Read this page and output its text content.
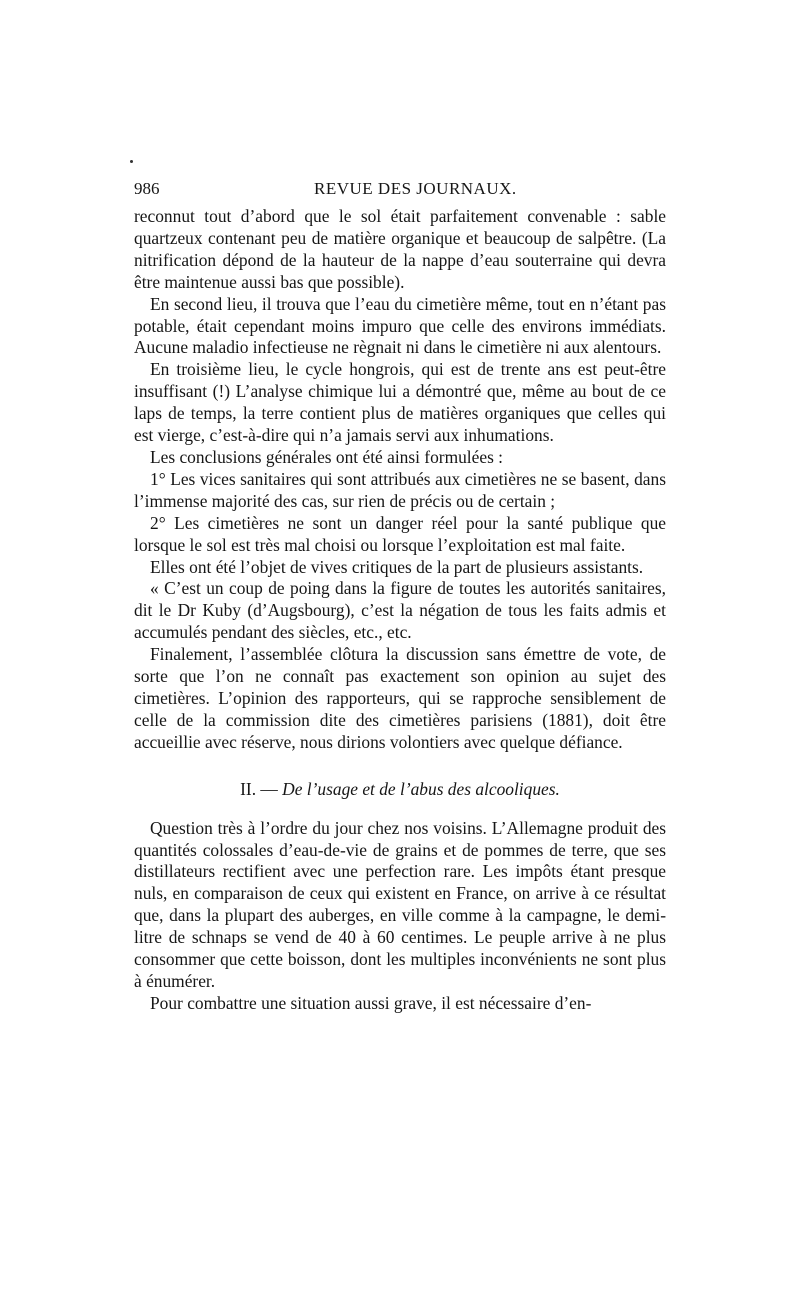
986	REVUE DES JOURNAUX.

reconnut tout d’abord que le sol était parfaitement convenable : sable quartzeux contenant peu de matière organique et beaucoup de salpêtre. (La nitrification dépond de la hauteur de la nappe d’eau souterraine qui devra être maintenue aussi bas que possible).

En second lieu, il trouva que l’eau du cimetière même, tout en n’étant pas potable, était cependant moins impuro que celle des environs immédiats. Aucune maladio infectieuse ne règnait ni dans le cimetière ni aux alentours.

En troisième lieu, le cycle hongrois, qui est de trente ans est peut-être insuffisant (!) L’analyse chimique lui a démontré que, même au bout de ce laps de temps, la terre contient plus de matières organiques que celles qui est vierge, c’est-à-dire qui n’a jamais servi aux inhumations.

Les conclusions générales ont été ainsi formulées :

1° Les vices sanitaires qui sont attribués aux cimetières ne se basent, dans l’immense majorité des cas, sur rien de précis ou de certain ;

2° Les cimetières ne sont un danger réel pour la santé publique que lorsque le sol est très mal choisi ou lorsque l’exploitation est mal faite.

Elles ont été l’objet de vives critiques de la part de plusieurs assistants.

« C’est un coup de poing dans la figure de toutes les autorités sanitaires, dit le Dr Kuby (d’Augsbourg), c’est la négation de tous les faits admis et accumulés pendant des siècles, etc., etc.

Finalement, l’assemblée clôtura la discussion sans émettre de vote, de sorte que l’on ne connaît pas exactement son opinion au sujet des cimetières. L’opinion des rapporteurs, qui se rapproche sensiblement de celle de la commission dite des cimetières parisiens (1881), doit être accueillie avec réserve, nous dirions volontiers avec quelque défiance.

II. — De l’usage et de l’abus des alcooliques.

Question très à l’ordre du jour chez nos voisins. L’Allemagne produit des quantités colossales d’eau-de-vie de grains et de pommes de terre, que ses distillateurs rectifient avec une perfection rare. Les impôts étant presque nuls, en comparaison de ceux qui existent en France, on arrive à ce résultat que, dans la plupart des auberges, en ville comme à la campagne, le demi-litre de schnaps se vend de 40 à 60 centimes. Le peuple arrive à ne plus consommer que cette boisson, dont les multiples inconvénients ne sont plus à énumérer.

Pour combattre une situation aussi grave, il est nécessaire d’en-
